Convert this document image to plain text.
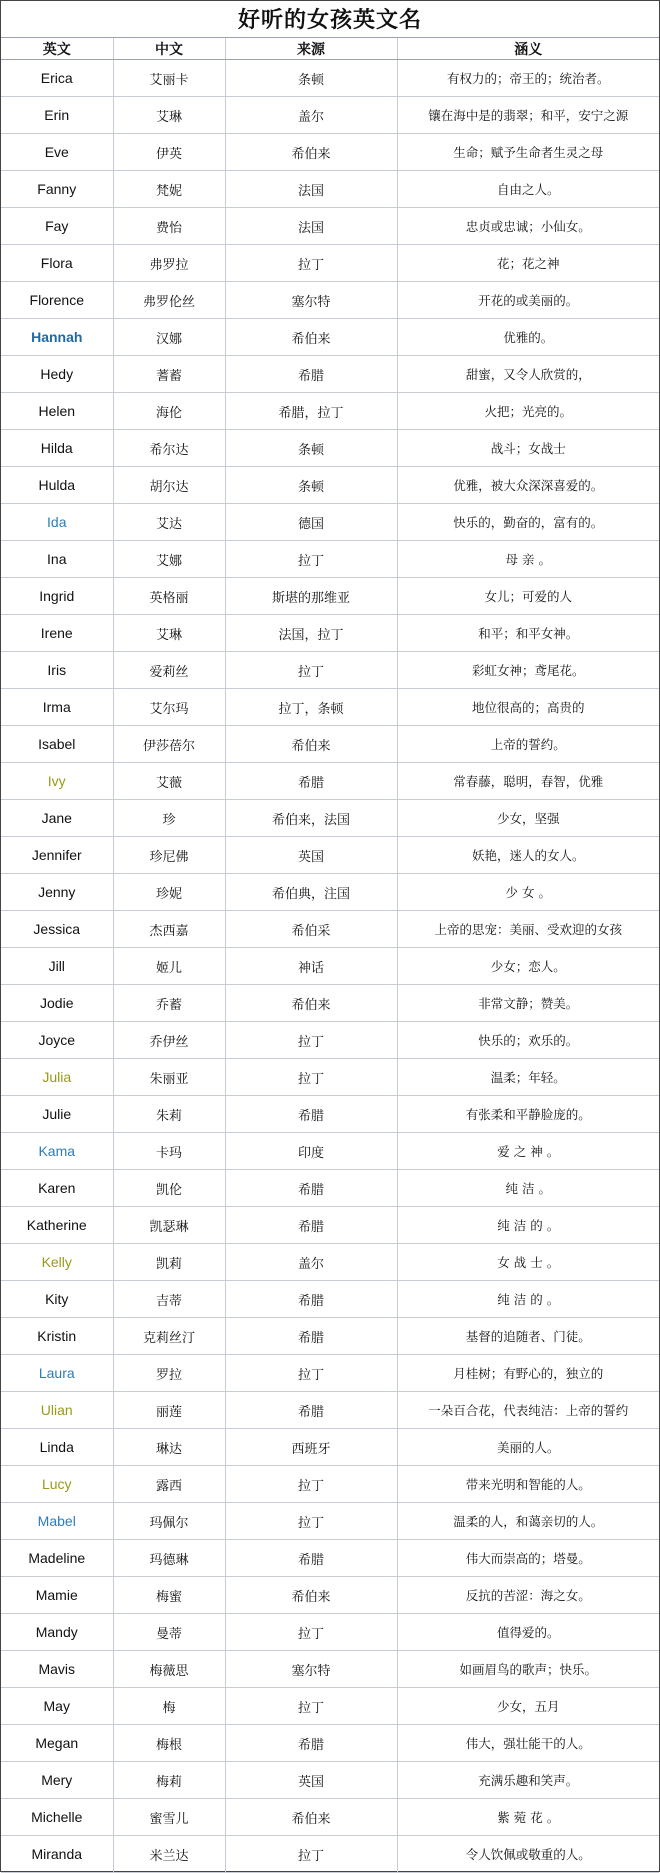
好听的女孩英文名
英文	中文	来源	涵义
Erica	艾丽卡	条顿	有权力的；帝王的；统治者。
Erin	艾琳	盖尔	镶在海中是的翡翠；和平，安宁之源
Eve	伊英	希伯来	生命；赋予生命者生灵之母
Fanny	梵妮	法国	自由之人。
Fay	费怡	法国	忠贞或忠诚；小仙女。
Flora	弗罗拉	拉丁	花；花之神
Florence	弗罗伦丝	塞尔特	开花的或美丽的。
Hannah	汉娜	希伯来	优雅的。
Hedy	蓍蓄	希腊	甜蜜，又令人欣赏的，
Helen	海伦	希腊，拉丁	火把；光亮的。
Hilda	希尔达	条顿	战斗；女战士
Hulda	胡尔达	条顿	优雅，被大众深深喜爱的。
Ida	艾达	德国	快乐的，勤奋的，富有的。
Ina	艾娜	拉丁	母 亲 。
Ingrid	英格丽	斯堪的那维亚	女儿；可爱的人
Irene	艾琳	法国，拉丁	和平；和平女神。
Iris	爱莉丝	拉丁	彩虹女神；鸢尾花。
Irma	艾尔玛	拉丁，条顿	地位很高的；高贵的
Isabel	伊莎蓓尔	希伯来	上帝的誓约。
Ivy	艾薇	希腊	常春藤，聪明，春智，优雅
Jane	珍	希伯来，法国	少女，坚强
Jennifer	珍尼佛	英国	妖艳，迷人的女人。
Jenny	珍妮	希伯典，注国	少 女 。
Jessica	杰西嘉	希伯采	上帝的思宠：美丽、受欢迎的女孩
Jill	姬儿	神话	少女；恋人。
Jodie	乔蓄	希伯来	非常文静；赞美。
Joyce	乔伊丝	拉丁	快乐的；欢乐的。
Julia	朱丽亚	拉丁	温柔；年轻。
Julie	朱莉	希腊	有张柔和平静脸庞的。
Kama	卡玛	印度	爱 之 神 。
Karen	凯伦	希腊	纯 洁 。
Katherine	凯瑟琳	希腊	纯 洁 的 。
Kelly	凯莉	盖尔	女 战 士 。
Kity	吉蒂	希腊	纯 洁 的 。
Kristin	克莉丝汀	希腊	基督的追随者、门徒。
Laura	罗拉	拉丁	月桂树；有野心的，独立的
Ulian	丽莲	希腊	一朵百合花，代表纯洁：上帝的誓约
Linda	琳达	西班牙	美丽的人。
Lucy	露西	拉丁	带来光明和智能的人。
Mabel	玛佩尔	拉丁	温柔的人，和蔼亲切的人。
Madeline	玛德琳	希腊	伟大而崇高的；塔曼。
Mamie	梅蜜	希伯来	反抗的苦涩：海之女。
Mandy	曼蒂	拉丁	值得爱的。
Mavis	梅薇思	塞尔特	如画眉鸟的歌声；快乐。
May	梅	拉丁	少女，五月
Megan	梅根	希腊	伟大，强壮能干的人。
Mery	梅莉	英国	充满乐趣和笑声。
Michelle	蜜雪儿	希伯来	紫 菀 花 。
Miranda	米兰达	拉丁	令人饮佩或敬重的人。
